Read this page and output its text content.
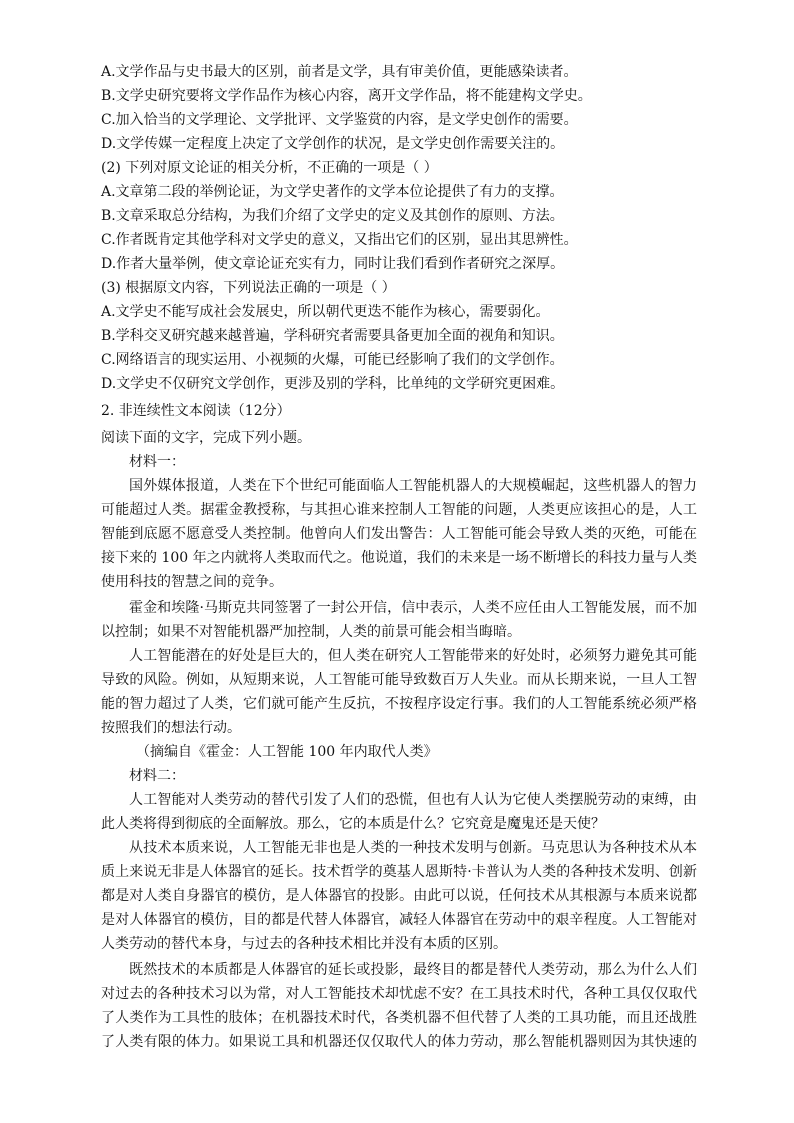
A.文学作品与史书最大的区别，前者是文学，具有审美价值，更能感染读者。
B.文学史研究要将文学作品作为核心内容，离开文学作品，将不能建构文学史。
C.加入恰当的文学理论、文学批评、文学鉴赏的内容，是文学史创作的需要。
D.文学传媒一定程度上决定了文学创作的状况，是文学史创作需要关注的。
(2) 下列对原文论证的相关分析，不正确的一项是（ ）
A.文章第二段的举例论证，为文学史著作的文学本位论提供了有力的支撑。
B.文章采取总分结构，为我们介绍了文学史的定义及其创作的原则、方法。
C.作者既肯定其他学科对文学史的意义，又指出它们的区别，显出其思辨性。
D.作者大量举例，使文章论证充实有力，同时让我们看到作者研究之深厚。
(3) 根据原文内容，下列说法正确的一项是（ ）
A.文学史不能写成社会发展史，所以朝代更迭不能作为核心，需要弱化。
B.学科交叉研究越来越普遍，学科研究者需要具备更加全面的视角和知识。
C.网络语言的现实运用、小视频的火爆，可能已经影响了我们的文学创作。
D.文学史不仅研究文学创作，更涉及别的学科，比单纯的文学研究更困难。
2. 非连续性文本阅读（12分）
阅读下面的文字，完成下列小题。
材料一：
国外媒体报道，人类在下个世纪可能面临人工智能机器人的大规模崛起，这些机器人的智力
可能超过人类。据霍金教授称，与其担心谁来控制人工智能的问题，人类更应该担心的是，人工
智能到底愿不愿意受人类控制。他曾向人们发出警告：人工智能可能会导致人类的灭绝，可能在
接下来的 100 年之内就将人类取而代之。他说道，我们的未来是一场不断增长的科技力量与人类
使用科技的智慧之间的竞争。
霍金和埃隆·马斯克共同签署了一封公开信，信中表示，人类不应任由人工智能发展，而不加
以控制；如果不对智能机器严加控制，人类的前景可能会相当晦暗。
人工智能潜在的好处是巨大的，但人类在研究人工智能带来的好处时，必须努力避免其可能
导致的风险。例如，从短期来说，人工智能可能导致数百万人失业。而从长期来说，一旦人工智
能的智力超过了人类，它们就可能产生反抗，不按程序设定行事。我们的人工智能系统必须严格
按照我们的想法行动。
（摘编自《霍金：人工智能 100 年内取代人类》
材料二：
人工智能对人类劳动的替代引发了人们的恐慌，但也有人认为它使人类摆脱劳动的束缚，由
此人类将得到彻底的全面解放。那么，它的本质是什么？它究竟是魔鬼还是天使？
从技术本质来说，人工智能无非也是人类的一种技术发明与创新。马克思认为各种技术从本
质上来说无非是人体器官的延长。技术哲学的奠基人恩斯特·卡普认为人类的各种技术发明、创新
都是对人类自身器官的模仿，是人体器官的投影。由此可以说，任何技术从其根源与本质来说都
是对人体器官的模仿，目的都是代替人体器官，减轻人体器官在劳动中的艰辛程度。人工智能对
人类劳动的替代本身，与过去的各种技术相比并没有本质的区别。
既然技术的本质都是人体器官的延长或投影，最终目的都是替代人类劳动，那么为什么人们
对过去的各种技术习以为常，对人工智能技术却忧虑不安？在工具技术时代，各种工具仅仅取代
了人类作为工具性的肢体；在机器技术时代，各类机器不但代替了人类的工具功能，而且还战胜
了人类有限的体力。如果说工具和机器还仅仅取代人的体力劳动，那么智能机器则因为其快速的
